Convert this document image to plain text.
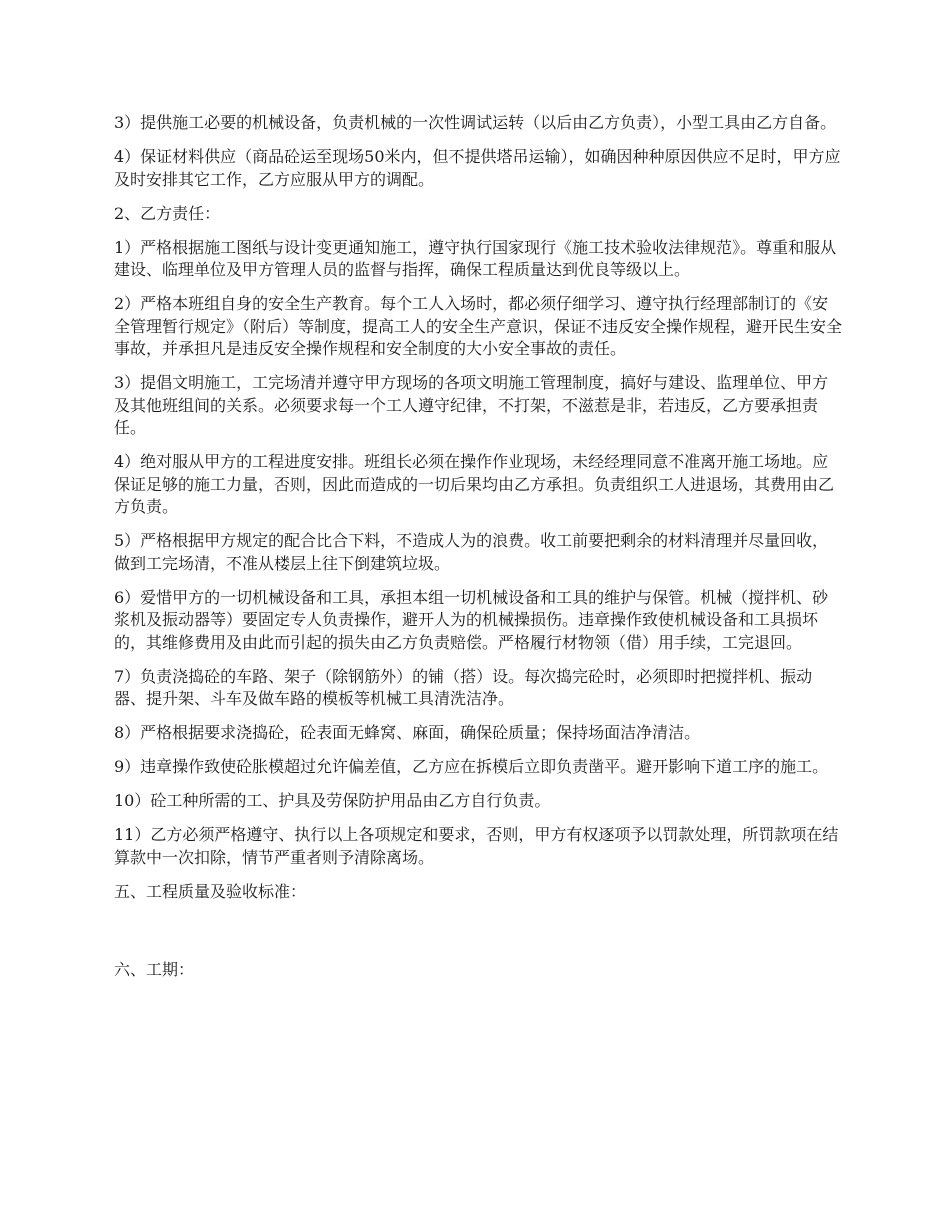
3）提供施工必要的机械设备，负责机械的一次性调试运转（以后由乙方负责），小型工具由乙方自备。

4）保证材料供应（商品砼运至现场50米内，但不提供塔吊运输），如确因种种原因供应不足时，甲方应及时安排其它工作，乙方应服从甲方的调配。

2、乙方责任：

1）严格根据施工图纸与设计变更通知施工，遵守执行国家现行《施工技术验收法律规范》。尊重和服从建设、临理单位及甲方管理人员的监督与指挥，确保工程质量达到优良等级以上。

2）严格本班组自身的安全生产教育。每个工人入场时，都必须仔细学习、遵守执行经理部制订的《安全管理暂行规定》（附后）等制度，提高工人的安全生产意识，保证不违反安全操作规程，避开民生安全事故，并承担凡是违反安全操作规程和安全制度的大小安全事故的责任。

3）提倡文明施工，工完场清并遵守甲方现场的各项文明施工管理制度，搞好与建设、监理单位、甲方及其他班组间的关系。必须要求每一个工人遵守纪律，不打架，不滋惹是非，若违反，乙方要承担责任。

4）绝对服从甲方的工程进度安排。班组长必须在操作作业现场，未经经理同意不准离开施工场地。应保证足够的施工力量，否则，因此而造成的一切后果均由乙方承担。负责组织工人进退场，其费用由乙方负责。

5）严格根据甲方规定的配合比合下料，不造成人为的浪费。收工前要把剩余的材料清理并尽量回收，做到工完场清，不准从楼层上往下倒建筑垃圾。

6）爱惜甲方的一切机械设备和工具，承担本组一切机械设备和工具的维护与保管。机械（搅拌机、砂浆机及振动器等）要固定专人负责操作，避开人为的机械操损伤。违章操作致使机械设备和工具损坏的，其维修费用及由此而引起的损失由乙方负责赔偿。严格履行材物领（借）用手续，工完退回。

7）负责浇捣砼的车路、架子（除钢筋外）的铺（搭）设。每次捣完砼时，必须即时把搅拌机、振动器、提升架、斗车及做车路的模板等机械工具清洗洁净。

8）严格根据要求浇捣砼，砼表面无蜂窝、麻面，确保砼质量；保持场面洁净清洁。

9）违章操作致使砼胀模超过允许偏差值，乙方应在拆模后立即负责凿平。避开影响下道工序的施工。

10）砼工种所需的工、护具及劳保防护用品由乙方自行负责。

11）乙方必须严格遵守、执行以上各项规定和要求，否则，甲方有权逐项予以罚款处理，所罚款项在结算款中一次扣除，情节严重者则予清除离场。

五、工程质量及验收标准：

六、工期：
